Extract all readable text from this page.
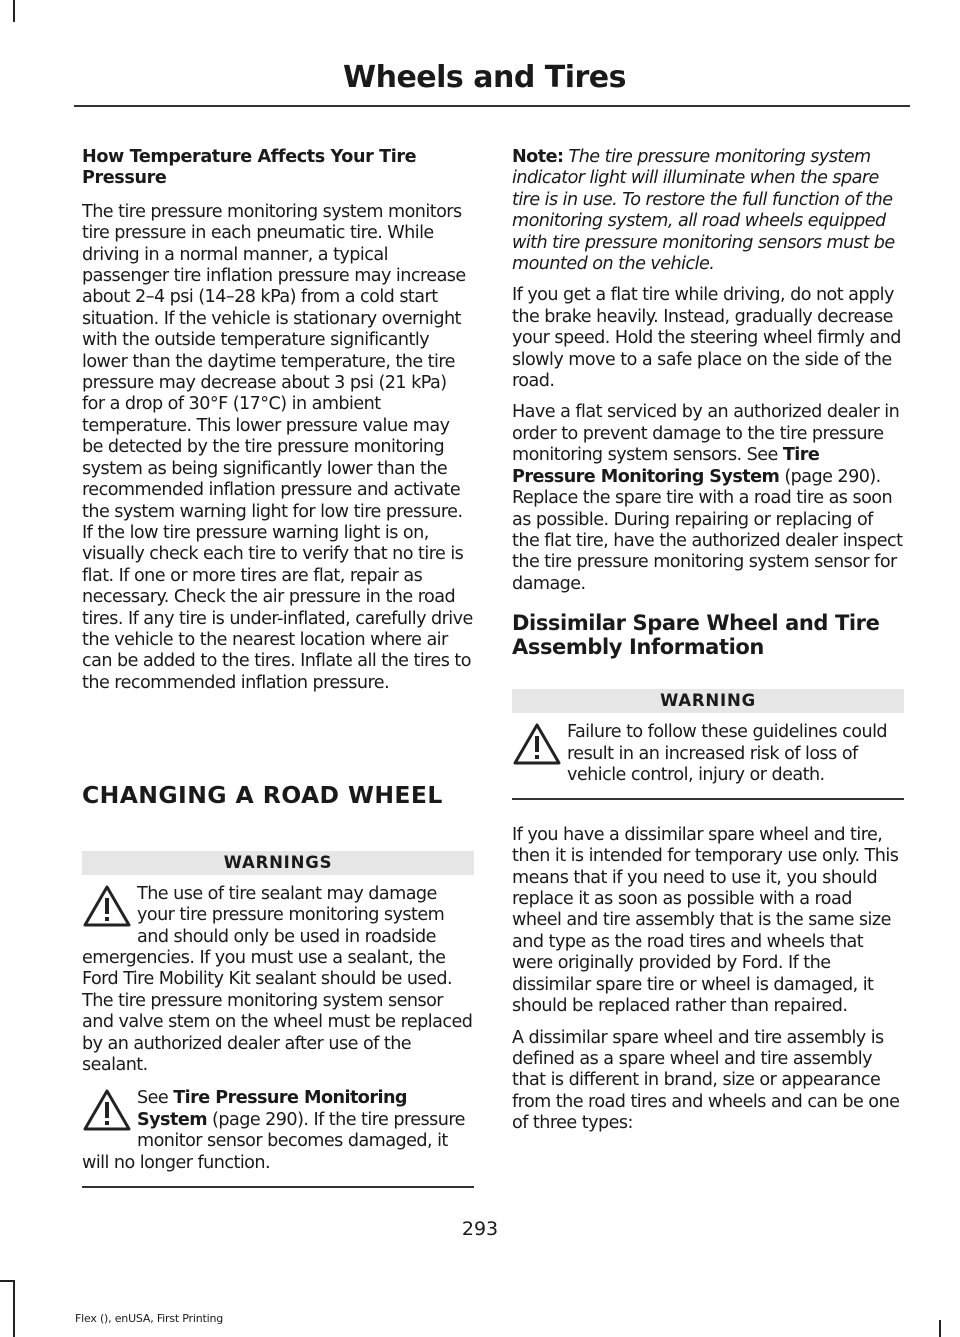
Wheels and Tires

How Temperature Affects Your Tire Pressure

The tire pressure monitoring system monitors tire pressure in each pneumatic tire. While driving in a normal manner, a typical passenger tire inflation pressure may increase about 2–4 psi (14–28 kPa) from a cold start situation. If the vehicle is stationary overnight with the outside temperature significantly lower than the daytime temperature, the tire pressure may decrease about 3 psi (21 kPa) for a drop of 30°F (17°C) in ambient temperature. This lower pressure value may be detected by the tire pressure monitoring system as being significantly lower than the recommended inflation pressure and activate the system warning light for low tire pressure. If the low tire pressure warning light is on, visually check each tire to verify that no tire is flat. If one or more tires are flat, repair as necessary. Check the air pressure in the road tires. If any tire is under-inflated, carefully drive the vehicle to the nearest location where air can be added to the tires. Inflate all the tires to the recommended inflation pressure.

CHANGING A ROAD WHEEL

WARNINGS

The use of tire sealant may damage your tire pressure monitoring system and should only be used in roadside emergencies. If you must use a sealant, the Ford Tire Mobility Kit sealant should be used. The tire pressure monitoring system sensor and valve stem on the wheel must be replaced by an authorized dealer after use of the sealant.

See Tire Pressure Monitoring System (page 290). If the tire pressure monitor sensor becomes damaged, it will no longer function.

Note: The tire pressure monitoring system indicator light will illuminate when the spare tire is in use. To restore the full function of the monitoring system, all road wheels equipped with tire pressure monitoring sensors must be mounted on the vehicle.

If you get a flat tire while driving, do not apply the brake heavily. Instead, gradually decrease your speed. Hold the steering wheel firmly and slowly move to a safe place on the side of the road.

Have a flat serviced by an authorized dealer in order to prevent damage to the tire pressure monitoring system sensors. See Tire Pressure Monitoring System (page 290). Replace the spare tire with a road tire as soon as possible. During repairing or replacing of the flat tire, have the authorized dealer inspect the tire pressure monitoring system sensor for damage.

Dissimilar Spare Wheel and Tire Assembly Information

WARNING

Failure to follow these guidelines could result in an increased risk of loss of vehicle control, injury or death.

If you have a dissimilar spare wheel and tire, then it is intended for temporary use only. This means that if you need to use it, you should replace it as soon as possible with a road wheel and tire assembly that is the same size and type as the road tires and wheels that were originally provided by Ford. If the dissimilar spare tire or wheel is damaged, it should be replaced rather than repaired.

A dissimilar spare wheel and tire assembly is defined as a spare wheel and tire assembly that is different in brand, size or appearance from the road tires and wheels and can be one of three types:

293
Flex (), enUSA, First Printing
